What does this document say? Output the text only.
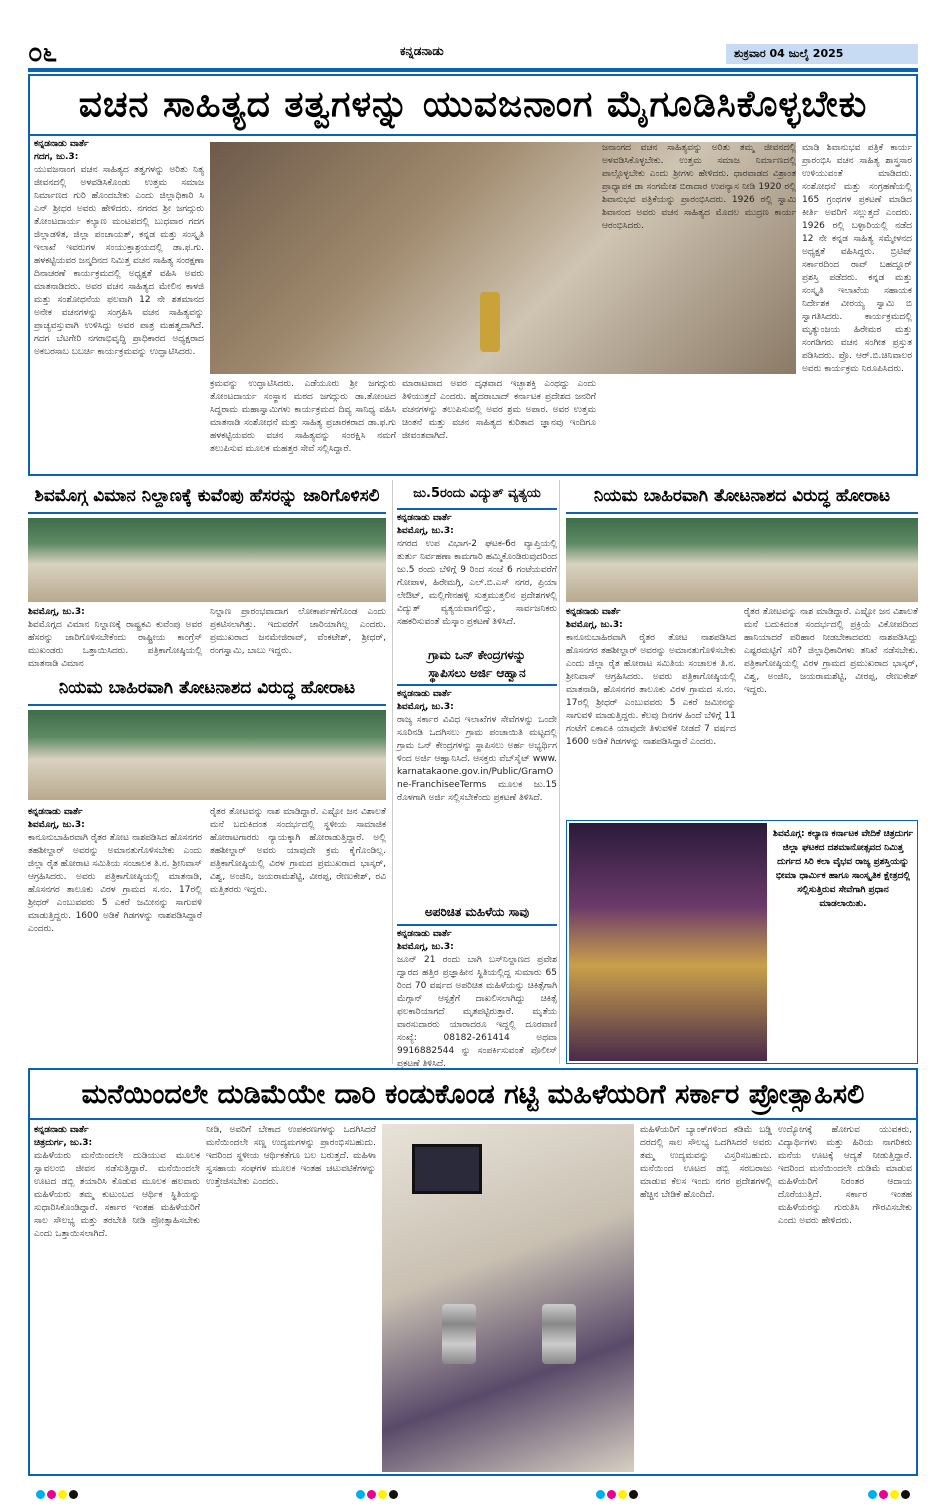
೦೬	ಕನ್ನಡನಾಡು	ಶುಕ್ರವಾರ 04 ಜುಲೈ 2025
ವಚನ ಸಾಹಿತ್ಯದ ತತ್ವಗಳನ್ನು ಯುವಜನಾಂಗ ಮೈಗೂಡಿಸಿಕೊಳ್ಳಬೇಕು
ಕನ್ನಡನಾಡು ವಾರ್ತೆ
ಗದಗ, ಜು.3:
ಯುವಜನಾಂಗ ವಚನ ಸಾಹಿತ್ಯದ ತತ್ವಗಳನ್ನು ಅರಿತು ನಿತ್ಯ ಜೀವನದಲ್ಲಿ ಅಳವಡಿಸಿಕೊಂಡು ಉತ್ತಮ ಸಮಾಜ ನಿರ್ಮಾಣದ ಗುರಿ ಹೊಂದಬೇಕು ಎಂದು ಜಿಲ್ಲಾಧಿಕಾರಿ ಸಿ ಎನ್ ಶ್ರೀಧರ ಅವರು ಹೇಳಿದರು. ನಗರದ ಶ್ರೀ ಜಗದ್ಗುರು ತೋಂಟದಾರ್ಯ ಕಲ್ಯಾಣ ಮಂಟಪದಲ್ಲಿ ಬುಧವಾರ ಗದಗ ಜಿಲ್ಲಾಡಳಿತ, ಜಿಲ್ಲಾ ಪಂಚಾಯತ್, ಕನ್ನಡ ಮತ್ತು ಸಂಸ್ಕೃತಿ ಇಲಾಖೆ ಇವರುಗಳ ಸಂಯುಕ್ತಾಶ್ರಯದಲ್ಲಿ ಡಾ.ಫ.ಗು. ಹಳಕಟ್ಟಿಯವರ ಜನ್ಮದಿನದ ನಿಮಿತ್ತ ವಚನ ಸಾಹಿತ್ಯ ಸಂರಕ್ಷಣಾ ದಿನಾಚರಣೆ ಕಾರ್ಯಕ್ರಮದಲ್ಲಿ ಅಧ್ಯಕ್ಷತೆ ವಹಿಸಿ ಅವರು ಮಾತನಾಡಿದರು. ಅವರ ವಚನ ಸಾಹಿತ್ಯದ ಮೇಲಿನ ಕಾಳಜಿ ಮತ್ತು ಸಂಶೋಧನೆಯ ಫಲವಾಗಿ 12 ನೇ ಶತಮಾನದ ಅನೇಕ ವಚನಗಳನ್ನು ಸಂಗ್ರಹಿಸಿ ವಚನ ಸಾಹಿತ್ಯವನ್ನು ಪ್ರಾಚ್ಯವಸ್ತುವಾಗಿ ಉಳಿಸಿದ್ದು ಅವರ ಪಾತ್ರ ಮಹತ್ವದಾಗಿದೆ. ಗದಗ ಬೆಟಗೇರಿ ನಗರಾಭಿವೃದ್ಧಿ ಪ್ರಾಧಿಕಾರದ ಅಧ್ಯಕ್ಷರಾದ ಅಕಬರಸಾಬ ಬಬರ್ಚಿ ಕಾರ್ಯಕ್ರಮವನ್ನು ಉದ್ಘಾಟಿಸಿದರು.
ಕ್ರಮವನ್ನು ಉದ್ಘಾಟಿಸಿದರು. ಎಡೆಯೂರು ಶ್ರೀ ಜಗದ್ಗುರು ತೋಂಟದಾರ್ಯ ಸಂಸ್ಥಾನ ಮಠದ ಜಗದ್ಗುರು ಡಾ.ತೋಂಟದ ಸಿದ್ಧರಾಮ ಮಹಾಸ್ವಾಮಿಗಳು ಕಾರ್ಯಕ್ರಮದ ದಿವ್ಯ ಸಾನಿಧ್ಯ ವಹಿಸಿ ಮಾತನಾಡಿ ಸಂಶೋಧನೆ ಮತ್ತು ಸಾಹಿತ್ಯ ಪ್ರಚಾರಕರಾದ ಡಾ.ಫ.ಗು ಹಳಕಟ್ಟಿಯವರು ವಚನ ಸಾಹಿತ್ಯವನ್ನು ಸಂರಕ್ಷಿಸಿ ನಮಗೆ ತಲುಪಿಸುವ ಮೂಲಕ ಮಹತ್ತರ ಸೇವೆ ಸಲ್ಲಿಸಿದ್ದಾರೆ.
ಮಾರಾಟವಾದ ಅವರ ದೃಢವಾದ ಇಚ್ಛಾಶಕ್ತಿ ಎಂಥದ್ದು ಎಂದು ತಿಳಿಯುತ್ತದೆ ಎಂದರು. ಹೈದರಾಬಾದ್ ಕರ್ನಾಟಕ ಪ್ರದೇಶದ ಜನರಿಗೆ ವಚನಗಳನ್ನು ತಲುಪಿಸುವಲ್ಲಿ ಅವರ ಶ್ರಮ ಅಪಾರ. ಅವರ ಉತ್ತಮ ಚಿಂತನೆ ಮತ್ತು ವಚನ ಸಾಹಿತ್ಯದ ಕುರಿತಾದ ಜ್ಞಾನವು ಇಂದಿಗೂ ಜೀವಂತವಾಗಿದೆ.
ಜನಾಂಗದ ವಚನ ಸಾಹಿತ್ಯವನ್ನು ಅರಿತು ತಮ್ಮ ಜೀವನದಲ್ಲಿ ಅಳವಡಿಸಿಕೊಳ್ಳಬೇಕು. ಉತ್ತಮ ಸಮಾಜ ನಿರ್ಮಾಣದಲ್ಲಿ ಪಾಲ್ಗೊಳ್ಳಬೇಕು ಎಂದು ಶ್ರೀಗಳು ಹೇಳಿದರು. ಧಾರವಾಡದ ವಿಶ್ರಾಂತ ಪ್ರಾಧ್ಯಾಪಕ ಡಾ ಸಂಗಮೇಶ ಬಿರಾದಾರ ಉಪನ್ಯಾಸ ನೀಡಿ 1920 ರಲ್ಲಿ ಶಿವಾನುಭವ ಪತ್ರಿಕೆಯನ್ನು ಪ್ರಾರಂಭಿಸಿದರು. 1926 ರಲ್ಲಿ ಸ್ವಾಮಿ ಶಿವಾನಂದ ಅವರು ವಚನ ಸಾಹಿತ್ಯದ ಮೊದಲ ಮುದ್ರಣ ಕಾರ್ಯ ಆರಂಭಿಸಿದರು.
ಮಾಡಿ ಶಿವಾನುಭವ ಪತ್ರಿಕೆ ಕಾರ್ಯ ಪ್ರಾರಂಭಿಸಿ ವಚನ ಸಾಹಿತ್ಯ ಶಾಸ್ತ್ರಸಾರ ಉಳಿಯುವಂತೆ ಮಾಡಿದರು. ಸಂಶೋಧನೆ ಮತ್ತು ಸಂಗ್ರಹಣೆಯಲ್ಲಿ 165 ಗ್ರಂಥಗಳ ಪ್ರಕಟಣೆ ಮಾಡಿದ ಕೀರ್ತಿ ಅವರಿಗೆ ಸಲ್ಲುತ್ತದೆ ಎಂದರು. 1926 ರಲ್ಲಿ ಬಳ್ಳಾರಿಯಲ್ಲಿ ನಡೆದ 12 ನೇ ಕನ್ನಡ ಸಾಹಿತ್ಯ ಸಮ್ಮೇಳನದ ಅಧ್ಯಕ್ಷತೆ ವಹಿಸಿದ್ದರು. ಬ್ರಿಟಿಷ್ ಸರ್ಕಾರದಿಂದ ರಾವ್ ಬಹದ್ದೂರ್ ಪ್ರಶಸ್ತಿ ಪಡೆದರು. ಕನ್ನಡ ಮತ್ತು ಸಂಸ್ಕೃತಿ ಇಲಾಖೆಯ ಸಹಾಯಕ ನಿರ್ದೇಶಕ ವೀರಯ್ಯ ಸ್ವಾಮಿ ಬಿ ಸ್ವಾಗತಿಸಿದರು. ಕಾರ್ಯಕ್ರಮದಲ್ಲಿ ಮೃತ್ಯುಂಜಯ ಹಿರೇಮಠ ಮತ್ತು ಸಂಗಡಿಗರು ವಚನ ಸಂಗೀತ ಪ್ರಸ್ತುತ ಪಡಿಸಿದರು. ಪ್ರೊ. ಆರ್.ಬಿ.ಚಿನಿವಾಲರ ಅವರು ಕಾರ್ಯಕ್ರಮ ನಿರೂಪಿಸಿದರು.
ಶಿವಮೊಗ್ಗ ವಿಮಾನ ನಿಲ್ದಾಣಕ್ಕೆ ಕುವೆಂಪು ಹೆಸರನ್ನು ಜಾರಿಗೊಳಿಸಲಿ
ಶಿವಮೊಗ್ಗ, ಜು.3:
ಶಿವಮೊಗ್ಗದ ವಿಮಾನ ನಿಲ್ದಾಣಕ್ಕೆ ರಾಷ್ಟ್ರಕವಿ ಕುವೆಂಪು ಅವರ ಹೆಸರನ್ನು ಜಾರಿಗೊಳಿಸಬೇಕೆಂದು ರಾಷ್ಟ್ರೀಯ ಕಾಂಗ್ರೆಸ್ ಮುಖಂಡರು ಒತ್ತಾಯಿಸಿದರು. ಪತ್ರಿಕಾಗೋಷ್ಠಿಯಲ್ಲಿ ಮಾತನಾಡಿ ವಿಮಾನ
ನಿಲ್ದಾಣ ಪ್ರಾರಂಭವಾದಾಗ ಲೋಕಾರ್ಪಣೆಗೊಂಡ ಎಂದು ಪ್ರಕಟಿಸಲಾಗಿತ್ತು. ಇದುವರೆಗೆ ಜಾರಿಯಾಗಿಲ್ಲ ಎಂದರು. ಪ್ರಮುಖರಾದ ಜನಮೇಜಿರಾವ್, ವೆಂಕಟೇಶ್, ಶ್ರೀಧರ್, ರಂಗಸ್ವಾಮಿ, ಬಾಬು ಇದ್ದರು.
ನಿಯಮ ಬಾಹಿರವಾಗಿ ತೋಟನಾಶದ ವಿರುದ್ಧ ಹೋರಾಟ
ಕನ್ನಡನಾಡು ವಾರ್ತೆ
ಶಿವಮೊಗ್ಗ, ಜು.3:
ಕಾನೂನುಬಾಹಿರವಾಗಿ ರೈತರ ತೋಟ ನಾಶಪಡಿಸಿದ ಹೊಸನಗರ ತಹಶೀಲ್ದಾರ್ ಅವರನ್ನು ಅಮಾನತುಗೊಳಿಸಬೇಕು ಎಂದು ಜಿಲ್ಲಾ ರೈತ ಹೋರಾಟ ಸಮಿತಿಯ ಸಂಚಾಲಕ ತಿ.ನ. ಶ್ರೀನಿವಾಸ್ ಆಗ್ರಹಿಸಿದರು. ಅವರು ಪತ್ರಿಕಾಗೋಷ್ಠಿಯಲ್ಲಿ ಮಾತನಾಡಿ, ಹೊಸನಗರ ತಾಲೂಕು ವಿರಳ ಗ್ರಾಮದ ಸ.ನಂ. 17ರಲ್ಲಿ ಶ್ರೀಧರ್ ಎಂಬುವವರು 5 ಎಕರೆ ಜಮೀನನ್ನು ಸಾಗುವಳಿ ಮಾಡುತ್ತಿದ್ದರು. 1600 ಅಡಿಕೆ ಗಿಡಗಳನ್ನು ನಾಶಪಡಿಸಿದ್ದಾರೆ ಎಂದರು.
ರೈತರ ತೋಟವನ್ನು ನಾಶ ಮಾಡಿದ್ದಾರೆ. ಎಷ್ಟೋ ಜನ ವಿಶಾಲತೆ ಮನೆ ಬದುಕಿದಂತ ಸಂದರ್ಭದಲ್ಲಿ ಸ್ಥಳೀಯ ಸಾಮಾಜಿಕ ಹೋರಾಟಗಾರರು ನ್ಯಾಯಕ್ಕಾಗಿ ಹೋರಾಡುತ್ತಿದ್ದಾರೆ. ಅಲ್ಲಿ ತಹಶೀಲ್ದಾರ್ ಅವರು ಯಾವುದೇ ಕ್ರಮ ಕೈಗೊಂಡಿಲ್ಲ. ಪತ್ರಿಕಾಗೋಷ್ಠಿಯಲ್ಲಿ ವಿರಳ ಗ್ರಾಮದ ಪ್ರಮುಖರಾದ ಭಾಸ್ಕರ್, ವಿಶ್ವ, ಅಂಜಿನಿ, ಜಯರಾಮಶೆಟ್ಟಿ, ವೀರಪ್ಪ, ರೇಣುಕೇಶ್, ರವಿ ಮತ್ತಿತರರು ಇದ್ದರು.
ಜು.5ರಂದು ವಿದ್ಯುತ್ ವ್ಯತ್ಯಯ
ಕನ್ನಡನಾಡು ವಾರ್ತೆ
ಶಿವಮೊಗ್ಗ, ಜು.3:
ನಗರದ ಉಪ ವಿಭಾಗ-2 ಘಟಕ-6ರ ವ್ಯಾಪ್ತಿಯಲ್ಲಿ ತುರ್ತು ನಿರ್ವಹಣಾ ಕಾಮಗಾರಿ ಹಮ್ಮಿಕೊಂಡಿರುವುದರಿಂದ ಜು.5 ರಂದು ಬೆಳಿಗ್ಗೆ 9 ರಿಂದ ಸಂಜೆ 6 ಗಂಟೆಯವರೆಗೆ ಗೋಪಾಳ, ಹಿರೇಮಗ್ಗಿ, ಎಲ್.ಬಿ.ಎಸ್ ನಗರ, ಪ್ರಿಯಾ ಲೇಔಟ್, ಮಲ್ಲಿಗೇನಹಳ್ಳಿ ಸುತ್ತಮುತ್ತಲಿನ ಪ್ರದೇಶಗಳಲ್ಲಿ ವಿದ್ಯುತ್ ವ್ಯತ್ಯಯವಾಗಲಿದ್ದು, ಸಾರ್ವಜನಿಕರು ಸಹಕರಿಸುವಂತೆ ಮೆಸ್ಕಾಂ ಪ್ರಕಟಣೆ ತಿಳಿಸಿದೆ.
ಗ್ರಾಮ ಒನ್ ಕೇಂದ್ರಗಳನ್ನು
ಸ್ಥಾಪಿಸಲು ಅರ್ಜಿ ಆಹ್ವಾನ
ಕನ್ನಡನಾಡು ವಾರ್ತೆ
ಶಿವಮೊಗ್ಗ, ಜು.3:
ರಾಜ್ಯ ಸರ್ಕಾರ ವಿವಿಧ ಇಲಾಖೆಗಳ ಸೇವೆಗಳನ್ನು ಒಂದೇ ಸೂರಿನಡಿ ಒದಗಿಸಲು ಗ್ರಾಮ ಪಂಚಾಯಿತಿ ಮಟ್ಟದಲ್ಲಿ ಗ್ರಾಮ ಒನ್ ಕೇಂದ್ರಗಳನ್ನು ಸ್ಥಾಪಿಸಲು ಅರ್ಹ ಅಭ್ಯರ್ಥಿಗಳಿಂದ ಅರ್ಜಿ ಆಹ್ವಾನಿಸಿದೆ. ಆಸಕ್ತರು ವೆಬ್‌ಸೈಟ್ www.karnatakaone.gov.in/Public/GramOne-FranchiseeTerms ಮೂಲಕ ಜು.15 ರೊಳಗಾಗಿ ಅರ್ಜಿ ಸಲ್ಲಿಸಬೇಕೆಂದು ಪ್ರಕಟಣೆ ತಿಳಿಸಿದೆ.
ಅಪರಿಚಿತ ಮಹಿಳೆಯ ಸಾವು
ಕನ್ನಡನಾಡು ವಾರ್ತೆ
ಶಿವಮೊಗ್ಗ, ಜು.3:
ಜೂನ್ 21 ರಂದು ಬಾಗಿ ಬಸ್‌ನಿಲ್ದಾಣದ ಪ್ರವೇಶ ದ್ವಾರದ ಹತ್ತಿರ ಪ್ರಜ್ಞಾಹೀನ ಸ್ಥಿತಿಯಲ್ಲಿದ್ದ ಸುಮಾರು 65 ರಿಂದ 70 ವರ್ಷದ ಅಪರಿಚಿತ ಮಹಿಳೆಯನ್ನು ಚಿಕಿತ್ಸೆಗಾಗಿ ಮೆಗ್ಗಾನ್ ಆಸ್ಪತ್ರೆಗೆ ದಾಖಲಿಸಲಾಗಿದ್ದು ಚಿಕಿತ್ಸೆ ಫಲಕಾರಿಯಾಗದೆ ಮೃತಪಟ್ಟಿರುತ್ತಾರೆ. ಮೃತೆಯ ವಾರಸುದಾರರು ಯಾರಾದರೂ ಇದ್ದಲ್ಲಿ ದೂರವಾಣಿ ಸಂಖ್ಯೆ: 08182-261414 ಅಥವಾ 9916882544 ನ್ನು ಸಂಪರ್ಕಿಸುವಂತೆ ಪೊಲೀಸ್ ಪ್ರಕಟಣೆ ತಿಳಿಸಿದೆ.
ನಿಯಮ ಬಾಹಿರವಾಗಿ ತೋಟನಾಶದ ವಿರುದ್ಧ ಹೋರಾಟ
ಕನ್ನಡನಾಡು ವಾರ್ತೆ
ಶಿವಮೊಗ್ಗ, ಜು.3:
ಕಾನೂನುಬಾಹಿರವಾಗಿ ರೈತರ ತೋಟ ನಾಶಪಡಿಸಿದ ಹೊಸನಗರ ತಹಶೀಲ್ದಾರ್ ಅವರನ್ನು ಅಮಾನತುಗೊಳಿಸಬೇಕು ಎಂದು ಜಿಲ್ಲಾ ರೈತ ಹೋರಾಟ ಸಮಿತಿಯ ಸಂಚಾಲಕ ತಿ.ನ. ಶ್ರೀನಿವಾಸ್ ಆಗ್ರಹಿಸಿದರು. ಅವರು ಪತ್ರಿಕಾಗೋಷ್ಠಿಯಲ್ಲಿ ಮಾತನಾಡಿ, ಹೊಸನಗರ ತಾಲೂಕು ವಿರಳ ಗ್ರಾಮದ ಸ.ನಂ. 17ರಲ್ಲಿ ಶ್ರೀಧರ್ ಎಂಬುವವರು 5 ಎಕರೆ ಜಮೀನನ್ನು ಸಾಗುವಳಿ ಮಾಡುತ್ತಿದ್ದರು. ಕೆಲವು ದಿನಗಳ ಹಿಂದೆ ಬೆಳಿಗ್ಗೆ 11 ಗಂಟೆಗೆ ಏಕಾಏಕಿ ಯಾವುದೇ ತಿಳುವಳಿಕೆ ನೀಡದೆ 7 ವರ್ಷದ 1600 ಅಡಿಕೆ ಗಿಡಗಳನ್ನು ನಾಶಪಡಿಸಿದ್ದಾರೆ ಎಂದರು.
ರೈತರ ತೋಟವನ್ನು ನಾಶ ಮಾಡಿದ್ದಾರೆ. ಎಷ್ಟೋ ಜನ ವಿಶಾಲತೆ ಮನೆ ಬದುಕಿದಂತ ಸಂದರ್ಭದಲ್ಲಿ ಪ್ರಕ್ರಿಯೆ ವಿಕೋಪದಿಂದ ಹಾನಿಯಾದರೆ ಪರಿಹಾರ ನೀಡಬೇಕಾದವರು ನಾಶಪಡಿಸಿದ್ದು ಎಷ್ಟರಮಟ್ಟಿಗೆ ಸರಿ? ಜಿಲ್ಲಾಧಿಕಾರಿಗಳು ತನಿಖೆ ನಡೆಸಬೇಕು. ಪತ್ರಿಕಾಗೋಷ್ಠಿಯಲ್ಲಿ ವಿರಳ ಗ್ರಾಮದ ಪ್ರಮುಖರಾದ ಭಾಸ್ಕರ್, ವಿಶ್ವ, ಅಂಜಿನಿ, ಜಯರಾಮಶೆಟ್ಟಿ, ವೀರಪ್ಪ, ರೇಣುಕೇಶ್ ಇದ್ದರು.
ಶಿವಮೊಗ್ಗ: ಕಲ್ಯಾಣ ಕರ್ನಾಟಕ ವೇದಿಕೆ ಚಿತ್ರದುರ್ಗ ಜಿಲ್ಲಾ ಘಟಕದ ದಶಮಾನೋತ್ಸವದ ನಿಮಿತ್ತ ದುರ್ಗದ ಸಿರಿ ಕಲಾ ವೈಭವ ರಾಜ್ಯ ಪ್ರಶಸ್ತಿಯನ್ನು ಭೀಮಾ ಧಾರ್ಮಿಕ ಹಾಗೂ ಸಾಂಸ್ಕೃತಿಕ ಕ್ಷೇತ್ರದಲ್ಲಿ ಸಲ್ಲಿಸುತ್ತಿರುವ ಸೇವೆಗಾಗಿ ಪ್ರಧಾನ ಮಾಡಲಾಯಿತು.
ಮನೆಯಿಂದಲೇ ದುಡಿಮೆಯೇ ದಾರಿ ಕಂಡುಕೊಂಡ ಗಟ್ಟಿ ಮಹಿಳೆಯರಿಗೆ ಸರ್ಕಾರ ಪ್ರೋತ್ಸಾಹಿಸಲಿ
ಕನ್ನಡನಾಡು ವಾರ್ತೆ
ಚಿತ್ರದುರ್ಗ, ಜು.3:
ಮಹಿಳೆಯರು ಮನೆಯಿಂದಲೇ ದುಡಿಯುವ ಮೂಲಕ ಸ್ವಾವಲಂಬಿ ಜೀವನ ನಡೆಸುತ್ತಿದ್ದಾರೆ. ಮನೆಯಿಂದಲೇ ಊಟದ ಡಬ್ಬಿ ತಯಾರಿಸಿ ಕೊಡುವ ಮೂಲಕ ಹಲವಾರು ಮಹಿಳೆಯರು ತಮ್ಮ ಕುಟುಂಬದ ಆರ್ಥಿಕ ಸ್ಥಿತಿಯನ್ನು ಸುಧಾರಿಸಿಕೊಂಡಿದ್ದಾರೆ. ಸರ್ಕಾರ ಇಂತಹ ಮಹಿಳೆಯರಿಗೆ ಸಾಲ ಸೌಲಭ್ಯ ಮತ್ತು ತರಬೇತಿ ನೀಡಿ ಪ್ರೋತ್ಸಾಹಿಸಬೇಕು ಎಂದು ಒತ್ತಾಯಿಸಲಾಗಿದೆ.
ನೀಡಿ, ಅವರಿಗೆ ಬೇಕಾದ ಉಪಕರಣಗಳನ್ನು ಒದಗಿಸಿದರೆ ಮನೆಯಿಂದಲೇ ಸಣ್ಣ ಉದ್ಯಮಗಳನ್ನು ಪ್ರಾರಂಭಿಸಬಹುದು. ಇದರಿಂದ ಸ್ಥಳೀಯ ಆರ್ಥಿಕತೆಗೂ ಬಲ ಬರುತ್ತದೆ. ಮಹಿಳಾ ಸ್ವಸಹಾಯ ಸಂಘಗಳ ಮೂಲಕ ಇಂತಹ ಚಟುವಟಿಕೆಗಳನ್ನು ಉತ್ತೇಜಿಸಬೇಕು ಎಂದರು.
ಮಹಿಳೆಯರಿಗೆ ಬ್ಯಾಂಕ್‌ಗಳಿಂದ ಕಡಿಮೆ ಬಡ್ಡಿ ದರದಲ್ಲಿ ಸಾಲ ಸೌಲಭ್ಯ ಒದಗಿಸಿದರೆ ಅವರು ತಮ್ಮ ಉದ್ಯಮವನ್ನು ವಿಸ್ತರಿಸಬಹುದು. ಮನೆಯಿಂದ ಊಟದ ಡಬ್ಬಿ ಸರಬರಾಜು ಮಾಡುವ ಕೆಲಸ ಇಂದು ನಗರ ಪ್ರದೇಶಗಳಲ್ಲಿ ಹೆಚ್ಚಿನ ಬೇಡಿಕೆ ಹೊಂದಿದೆ.
ಉದ್ಯೋಗಕ್ಕೆ ಹೋಗುವ ಯುವಕರು, ವಿದ್ಯಾರ್ಥಿಗಳು ಮತ್ತು ಹಿರಿಯ ನಾಗರಿಕರು ಮನೆಯ ಊಟಕ್ಕೆ ಆದ್ಯತೆ ನೀಡುತ್ತಿದ್ದಾರೆ. ಇದರಿಂದ ಮನೆಯಿಂದಲೇ ದುಡಿಮೆ ಮಾಡುವ ಮಹಿಳೆಯರಿಗೆ ನಿರಂತರ ಆದಾಯ ದೊರೆಯುತ್ತಿದೆ. ಸರ್ಕಾರ ಇಂತಹ ಮಹಿಳೆಯರನ್ನು ಗುರುತಿಸಿ ಗೌರವಿಸಬೇಕು ಎಂದು ಅವರು ಹೇಳಿದರು.
